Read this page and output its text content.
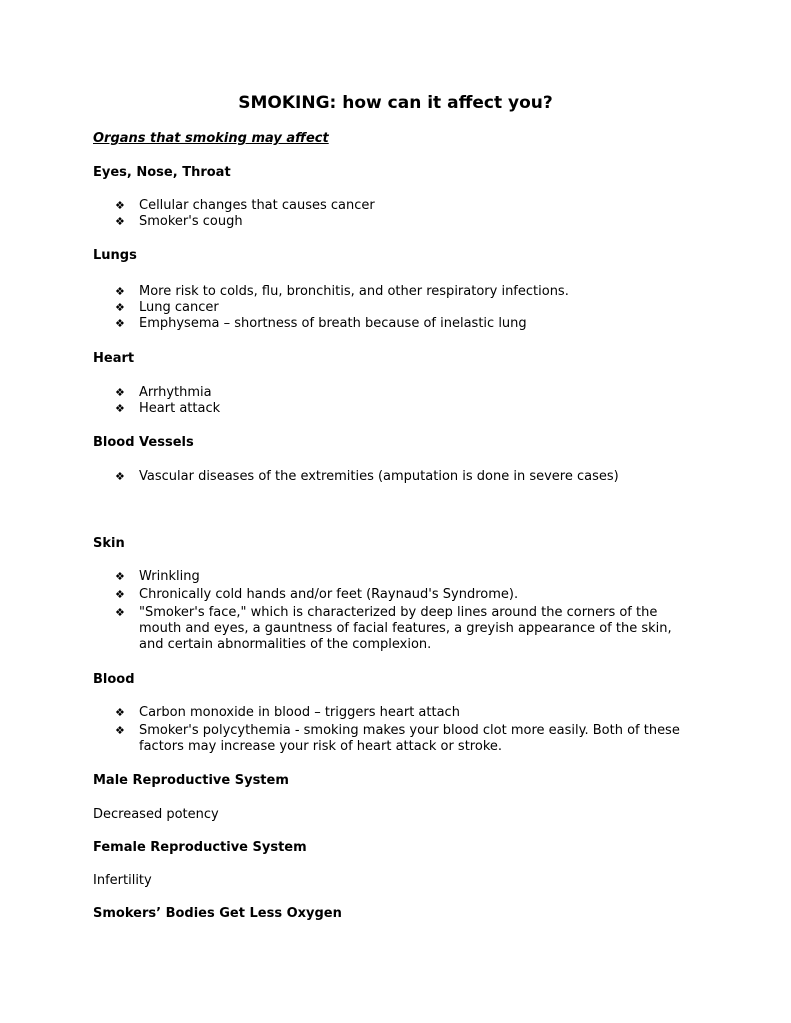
SMOKING: how can it affect you?
Organs that smoking may affect
Eyes, Nose, Throat
❖ Cellular changes that causes cancer
❖ Smoker's cough
Lungs
❖ More risk to colds, flu, bronchitis, and other respiratory infections.
❖ Lung cancer
❖ Emphysema – shortness of breath because of inelastic lung
Heart
❖ Arrhythmia
❖ Heart attack
Blood Vessels
❖ Vascular diseases of the extremities (amputation is done in severe cases)
Skin
❖ Wrinkling
❖ Chronically cold hands and/or feet (Raynaud's Syndrome).
❖ "Smoker's face," which is characterized by deep lines around the corners of the mouth and eyes, a gauntness of facial features, a greyish appearance of the skin, and certain abnormalities of the complexion.
Blood
❖ Carbon monoxide in blood – triggers heart attach
❖ Smoker's polycythemia - smoking makes your blood clot more easily. Both of these factors may increase your risk of heart attack or stroke.
Male Reproductive System
Decreased potency
Female Reproductive System
Infertility
Smokers’ Bodies Get Less Oxygen
